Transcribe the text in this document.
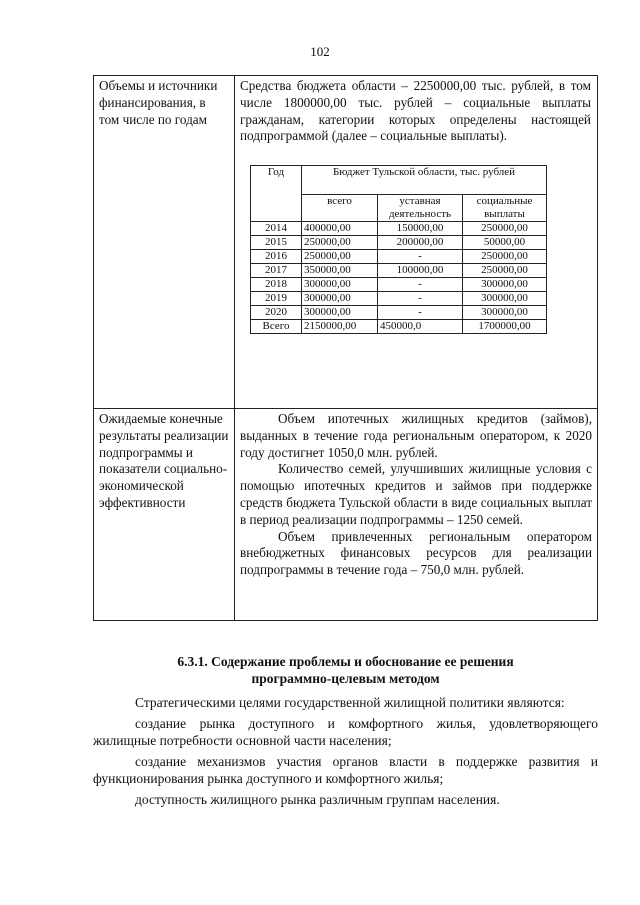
102
Объемы и источники финансирования, в том числе по годам	

Средства бюджета области – 2250000,00 тыс. рублей, в том числе 1800000,00 тыс. рублей – социальные выплаты гражданам, категории которых определены настоящей подпрограммой (далее – социальные выплаты).

Год	Бюджет Тульской области, тыс. рублей
всего	уставная деятельность	социальные выплаты
2014	400000,00	150000,00	250000,00
2015	250000,00	200000,00	50000,00
2016	250000,00	-	250000,00
2017	350000,00	100000,00	250000,00
2018	300000,00	-	300000,00
2019	300000,00	-	300000,00
2020	300000,00	-	300000,00
Всего	2150000,00	450000,0	1700000,00

Ожидаемые конечные результаты реализации подпрограммы и показатели социально-экономической эффективности	

Объем ипотечных жилищных кредитов (займов), выданных в течение года региональным оператором, к 2020 году достигнет 1050,0 млн. рублей.

Количество семей, улучшивших жилищные условия с помощью ипотечных кредитов и займов при поддержке средств бюджета Тульской области в виде социальных выплат в период реализации подпрограммы – 1250 семей.

Объем привлеченных региональным оператором внебюджетных финансовых ресурсов для реализации подпрограммы в течение года – 750,0 млн. рублей.

6.3.1. Содержание проблемы и обоснование ее решения
программно-целевым методом

Стратегическими целями государственной жилищной политики являются:

создание рынка доступного и комфортного жилья, удовлетворяющего жилищные потребности основной части населения;

создание механизмов участия органов власти в поддержке развития и функционирования рынка доступного и комфортного жилья;

доступность жилищного рынка различным группам населения.
